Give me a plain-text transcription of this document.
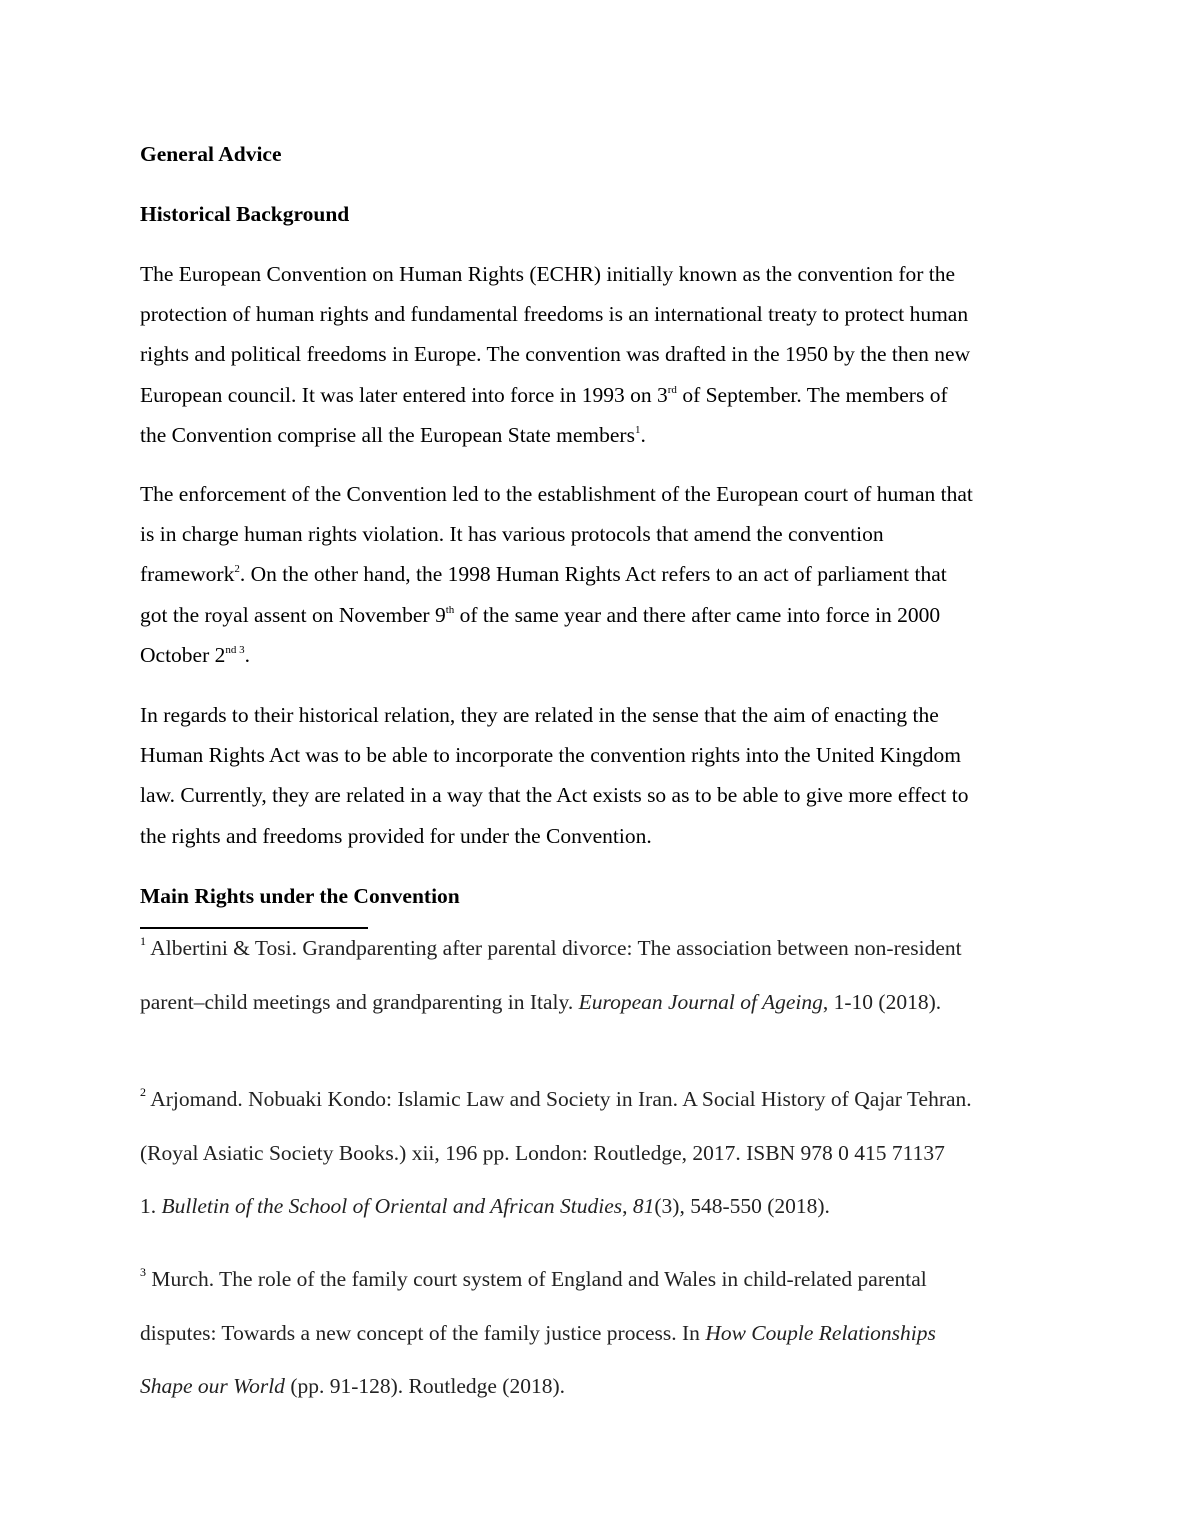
General Advice
Historical Background

The European Convention on Human Rights (ECHR) initially known as the convention for the
protection of human rights and fundamental freedoms is an international treaty to protect human
rights and political freedoms in Europe. The convention was drafted in the 1950 by the then new
European council. It was later entered into force in 1993 on 3rd of September. The members of
the Convention comprise all the European State members$^1$.

The enforcement of the Convention led to the establishment of the European court of human that
is in charge human rights violation. It has various protocols that amend the convention
framework$^2$. On the other hand, the 1998 Human Rights Act refers to an act of parliament that
got the royal assent on November 9th of the same year and there after came into force in 2000
October $2^{nd 3}$.

In regards to their historical relation, they are related in the sense that the aim of enacting the
Human Rights Act was to be able to incorporate the convention rights into the United Kingdom
law. Currently, they are related in a way that the Act exists so as to be able to give more effect to
the rights and freedoms provided for under the Convention.

Main Rights under the Convention
$^1$ Albertini & Tosi. Grandparenting after parental divorce: The association between non-resident
parent–child meetings and grandparenting in Italy. European Journal of Ageing, 1-10 (2018).
$^2$ Arjomand. Nobuaki Kondo: Islamic Law and Society in Iran. A Social History of Qajar Tehran.
(Royal Asiatic Society Books.) xii, 196 pp. London: Routledge, 2017. ISBN 978 0 415 71137
1. Bulletin of the School of Oriental and African Studies, 81(3), 548-550 (2018).
$^3$ Murch. The role of the family court system of England and Wales in child-related parental
disputes: Towards a new concept of the family justice process. In How Couple Relationships
Shape our World (pp. 91-128). Routledge (2018).
